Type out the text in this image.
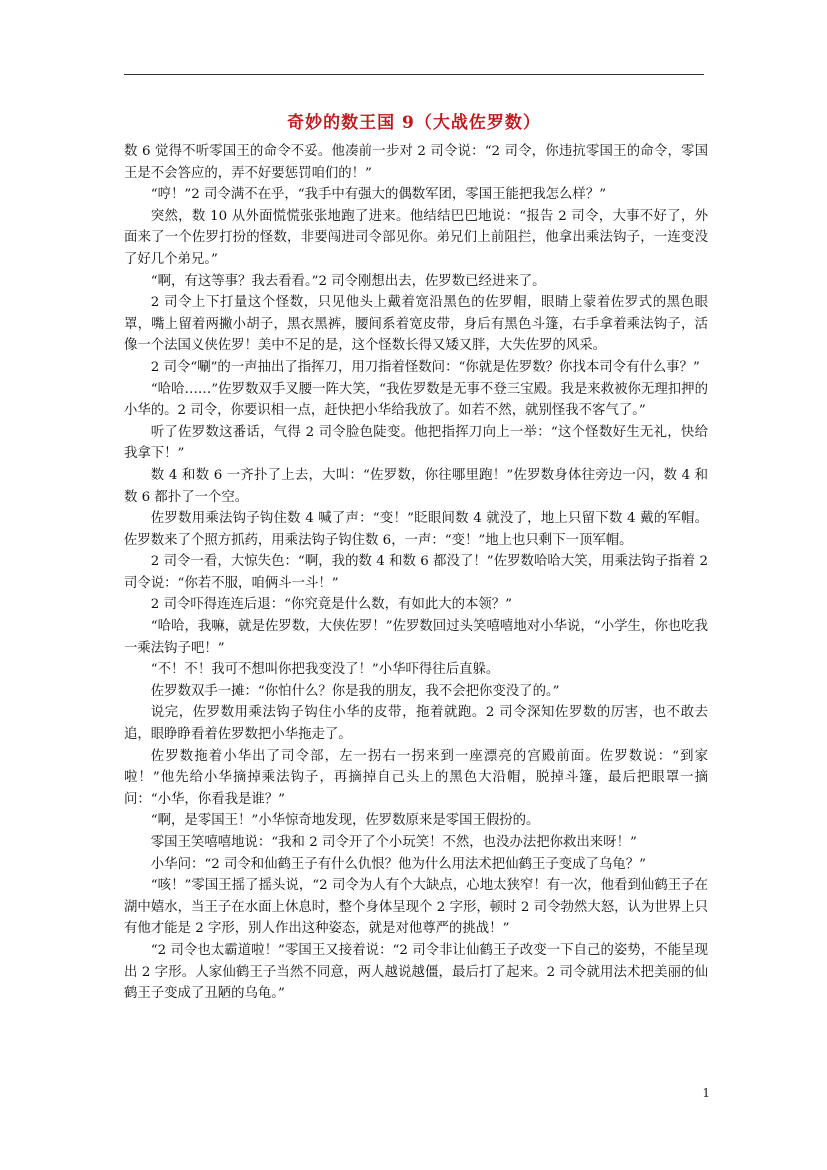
奇妙的数王国 9（大战佐罗数）

数 6 觉得不听零国王的命令不妥。他凑前一步对 2 司令说：“2 司令，你违抗零国王的命令，零国王是不会答应的，弄不好要惩罚咱们的！”

“哼！”2 司令满不在乎，“我手中有强大的偶数军团，零国王能把我怎么样？”

突然，数 10 从外面慌慌张张地跑了进来。他结结巴巴地说：“报告 2 司令，大事不好了，外面来了一个佐罗打扮的怪数，非要闯进司令部见你。弟兄们上前阻拦，他拿出乘法钩子，一连变没了好几个弟兄。”

“啊，有这等事？我去看看。”2 司令刚想出去，佐罗数已经进来了。

2 司令上下打量这个怪数，只见他头上戴着宽沿黑色的佐罗帽，眼睛上蒙着佐罗式的黑色眼罩，嘴上留着两撇小胡子，黑衣黑裤，腰间系着宽皮带，身后有黑色斗篷，右手拿着乘法钩子，活像一个法国义侠佐罗！美中不足的是，这个怪数长得又矮又胖，大失佐罗的风采。

2 司令“唰”的一声抽出了指挥刀，用刀指着怪数问：“你就是佐罗数？你找本司令有什么事？”

“哈哈……”佐罗数双手叉腰一阵大笑，“我佐罗数是无事不登三宝殿。我是来救被你无理扣押的小华的。2 司令，你要识相一点，赶快把小华给我放了。如若不然，就别怪我不客气了。”

听了佐罗数这番话，气得 2 司令脸色陡变。他把指挥刀向上一举：“这个怪数好生无礼，快给我拿下！”

数 4 和数 6 一齐扑了上去，大叫：“佐罗数，你往哪里跑！”佐罗数身体往旁边一闪，数 4 和数 6 都扑了一个空。

佐罗数用乘法钩子钩住数 4 喊了声：“变！”眨眼间数 4 就没了，地上只留下数 4 戴的军帽。佐罗数来了个照方抓药，用乘法钩子钩住数 6，一声：“变！”地上也只剩下一顶军帽。

2 司令一看，大惊失色：“啊，我的数 4 和数 6 都没了！”佐罗数哈哈大笑，用乘法钩子指着 2 司令说：“你若不服，咱俩斗一斗！”

2 司令吓得连连后退：“你究竟是什么数，有如此大的本领？”

“哈哈，我嘛，就是佐罗数，大侠佐罗！”佐罗数回过头笑嘻嘻地对小华说，“小学生，你也吃我一乘法钩子吧！”

“不！不！我可不想叫你把我变没了！”小华吓得往后直躲。

佐罗数双手一摊：“你怕什么？你是我的朋友，我不会把你变没了的。”

说完，佐罗数用乘法钩子钩住小华的皮带，拖着就跑。2 司令深知佐罗数的厉害，也不敢去追，眼睁睁看着佐罗数把小华拖走了。

佐罗数拖着小华出了司令部，左一拐右一拐来到一座漂亮的宫殿前面。佐罗数说：“到家啦！”他先给小华摘掉乘法钩子，再摘掉自己头上的黑色大沿帽，脱掉斗篷，最后把眼罩一摘问：“小华，你看我是谁？”

“啊，是零国王！”小华惊奇地发现，佐罗数原来是零国王假扮的。

零国王笑嘻嘻地说：“我和 2 司令开了个小玩笑！不然，也没办法把你救出来呀！”

小华问：“2 司令和仙鹤王子有什么仇恨？他为什么用法术把仙鹤王子变成了乌龟？”

“咳！”零国王摇了摇头说，“2 司令为人有个大缺点，心地太狭窄！有一次，他看到仙鹤王子在湖中嬉水，当王子在水面上休息时，整个身体呈现个 2 字形，顿时 2 司令勃然大怒，认为世界上只有他才能是 2 字形，别人作出这种姿态，就是对他尊严的挑战！”

“2 司令也太霸道啦！”零国王又接着说：“2 司令非让仙鹤王子改变一下自己的姿势，不能呈现出 2 字形。人家仙鹤王子当然不同意，两人越说越僵，最后打了起来。2 司令就用法术把美丽的仙鹤王子变成了丑陋的乌龟。”

1
